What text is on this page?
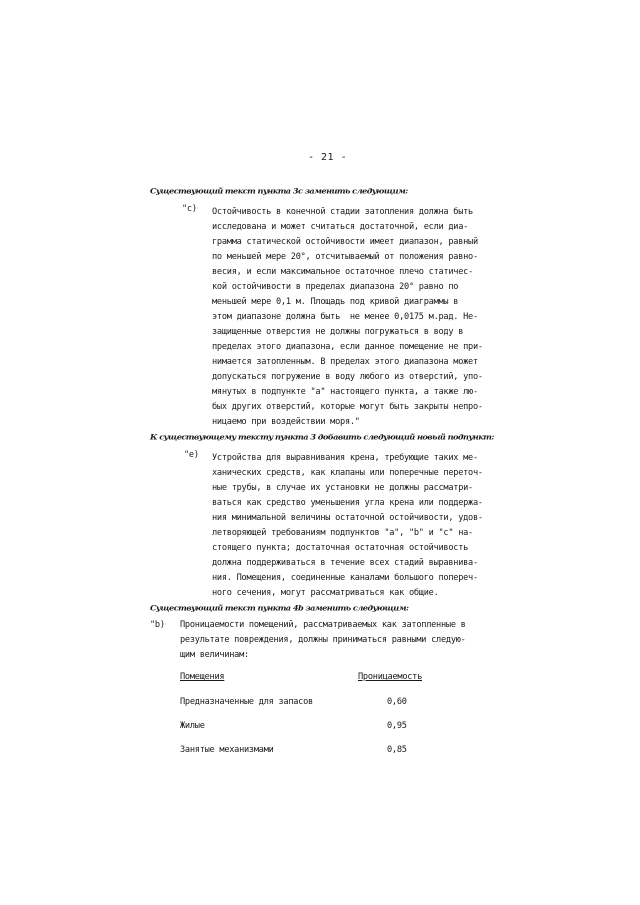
- 21 -
Существующий текст пункта 3с заменить следующим:
"c) Остойчивость в конечной стадии затопления должна быть
исследована и может считаться достаточной, если диа-
грамма статической остойчивости имеет диапазон, равный
по меньшей мере 20°, отсчитываемый от положения равно-
весия, и если максимальное остаточное плечо статичес-
кой остойчивости в пределах диапазона 20° равно по
меньшей мере 0,1 м. Площадь под кривой диаграммы в
этом диапазоне должна быть  не менее 0,0175 м.рад. Не-
защищенные отверстия не должны погружаться в воду в
пределах этого диапазона, если данное помещение не при-
нимается затопленным. В пределах этого диапазона может
допускаться погружение в воду любого из отверстий, упо-
мянутых в подпункте "а" настоящего пункта, а также лю-
бых других отверстий, которые могут быть закрыты непро-
ницаемо при воздействии моря."
К существующему тексту пункта 3 добавить следующий новый подпункт:
"e) Устройства для выравнивания крена, требующие таких ме-
ханических средств, как клапаны или поперечные переточ-
ные трубы, в случае их установки не должны рассматри-
ваться как средство уменьшения угла крена или поддержа-
ния минимальной величины остаточной остойчивости, удов-
летворяющей требованиям подпунктов "a", "b" и "c" на-
стоящего пункта; достаточная остаточная остойчивость
должна поддерживаться в течение всех стадий выравнива-
ния. Помещения, соединенные каналами большого попереч-
ного сечения, могут рассматриваться как общие.
Существующий текст пункта 4b заменить следующим:
"b) Проницаемости помещений, рассматриваемых как затопленные в
результате повреждения, должны приниматься равными следую-
щим величинам:
Помещения	Проницаемость
Предназначенные для запасов	0,60
Жилые	0,95
Занятые механизмами	0,85
